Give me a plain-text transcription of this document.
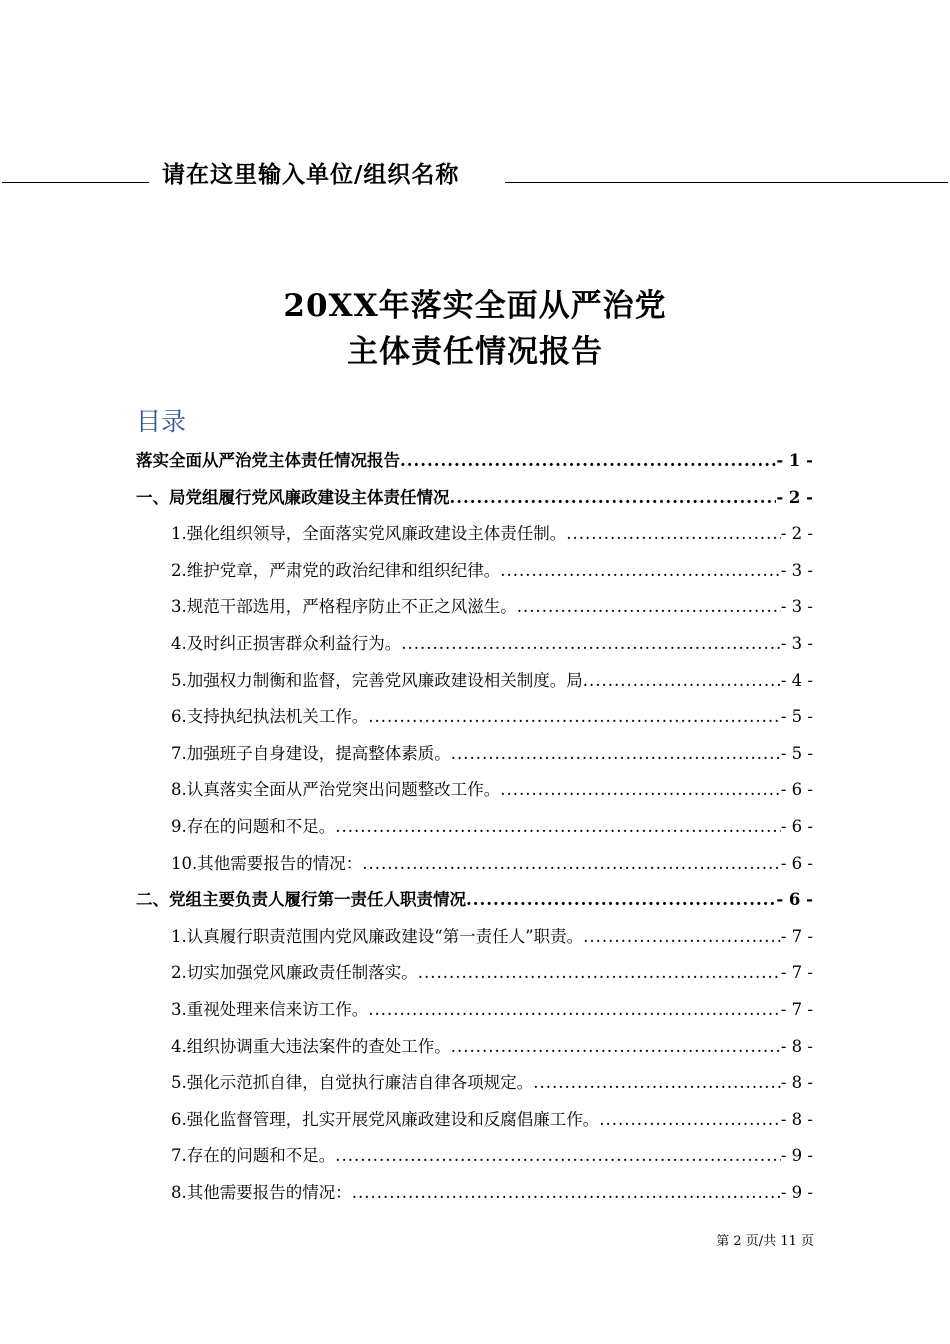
请在这里输入单位/组织名称
20XX年落实全面从严治党
主体责任情况报告
目录
落实全面从严治党主体责任情况报告 .....	- 1 -
一、局党组履行党风廉政建设主体责任情况 .....	- 2 -
1.强化组织领导，全面落实党风廉政建设主体责任制。 .....	- 2 -
2.维护党章，严肃党的政治纪律和组织纪律。 .....	- 3 -
3.规范干部选用，严格程序防止不正之风滋生。 .....	- 3 -
4.及时纠正损害群众利益行为。 .....	- 3 -
5.加强权力制衡和监督，完善党风廉政建设相关制度。局 .....	- 4 -
6.支持执纪执法机关工作。 .....	- 5 -
7.加强班子自身建设，提高整体素质。 .....	- 5 -
8.认真落实全面从严治党突出问题整改工作。 .....	- 6 -
9.存在的问题和不足。 .....	- 6 -
10.其他需要报告的情况： .....	- 6 -
二、党组主要负责人履行第一责任人职责情况 .....	- 6 -
1.认真履行职责范围内党风廉政建设“第一责任人”职责。 .....	- 7 -
2.切实加强党风廉政责任制落实。 .....	- 7 -
3.重视处理来信来访工作。 .....	- 7 -
4.组织协调重大违法案件的查处工作。 .....	- 8 -
5.强化示范抓自律，自觉执行廉洁自律各项规定。 .....	- 8 -
6.强化监督管理，扎实开展党风廉政建设和反腐倡廉工作。 .....	- 8 -
7.存在的问题和不足。 .....	- 9 -
8.其他需要报告的情况： .....	- 9 -
第 2 页/共 11 页
